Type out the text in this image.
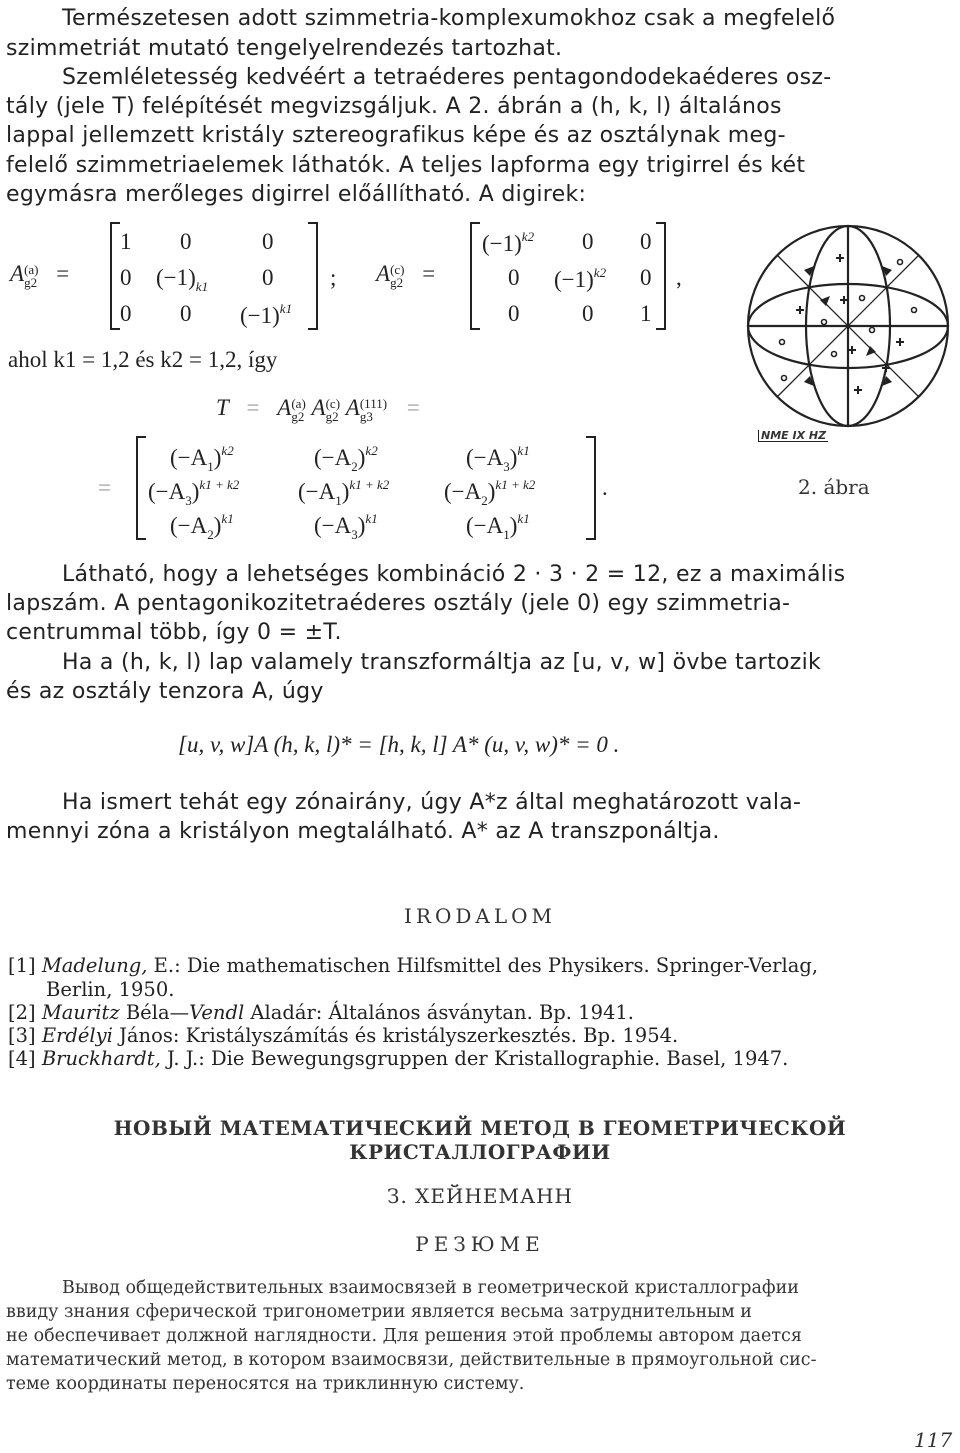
Természetesen adott szimmetria-komplexumokhoz csak a megfelelő
szimmetriát mutató tengelyelrendezés tartozhat.
Szemléletesség kedvéért a tetraéderes pentagondodekaéderes osz-
tály (jele T) felépítését megvizsgáljuk. A 2. ábrán a (h, k, l) általános
lappal jellemzett kristály sztereografikus képe és az osztálynak meg-
felelő szimmetriaelemek láthatók. A teljes lapforma egy trigirrel és két
egymásra merőleges digirrel előállítható. A digirek:
A (a)
g2 =
1 0	0
0 $(-1)_{k1}$ 0
0 0 $(-1)^{k1}$
; A (c)
g2 =
$(-1)^{k2}$ 0 0
0 $(-1)^{k2}$ 0
0	0 1
,
ahol k1 = 1,2 és k2 = 1,2, így
T = A (a)
g2 A (c)
g2 A (111)
g3	=
=	.
$(-A_1)^{k2}$	$(-A_2)^{k2}$	$(-A_3)^{k1}$
$(-A_3)^{k1 + k2}$	$(-A_1)^{k1 + k2}$ $(-A_2)^{k1 + k2}$
$(-A_2)^{k1}$	$(-A_3)^{k1}$	$(-A_1)^{k1}$
NME IX HZ
2. ábra
Látható, hogy a lehetséges kombináció 2 · 3 · 2 = 12, ez a maximális
lapszám. A pentagonikozitetraéderes osztály (jele 0) egy szimmetria-
centrummal több, így 0 = ±T.
Ha a (h, k, l) lap valamely transzformáltja az [u, v, w] övbe tartozik
és az osztály tenzora A, úgy
[u, v, w]A (h, k, l)* = [h, k, l] A* (u, v, w)* = 0 .
Ha ismert tehát egy zónairány, úgy A*z által meghatározott vala-
mennyi zóna a kristályon megtalálható. A* az A transzponáltja.
IRODALOM
[1] Madelung, E.: Die mathematischen Hilfsmittel des Physikers. Springer-Verlag,
Berlin, 1950.
[2] Mauritz Béla—Vendl Aladár: Általános ásványtan. Bp. 1941.
[3] Erdélyi János: Kristályszámítás és kristályszerkesztés. Bp. 1954.
[4] Bruckhardt, J. J.: Die Bewegungsgruppen der Kristallographie. Basel, 1947.
НОВЫЙ МАТЕМАТИЧЕСКИЙ МЕТОД В ГЕОМЕТРИЧЕСКОЙ
КРИСТАЛЛОГРАФИИ
З. ХЕЙНЕМАНН
РЕЗЮМЕ
Вывод общедействительных взаимосвязей в геометрической кристаллографии
ввиду знания сферической тригонометрии является весьма затруднительным и
не обеспечивает должной наглядности. Для решения этой проблемы автором дается
математический метод, в котором взаимосвязи, действительные в прямоугольной сис-
теме координаты переносятся на триклинную систему.
117
